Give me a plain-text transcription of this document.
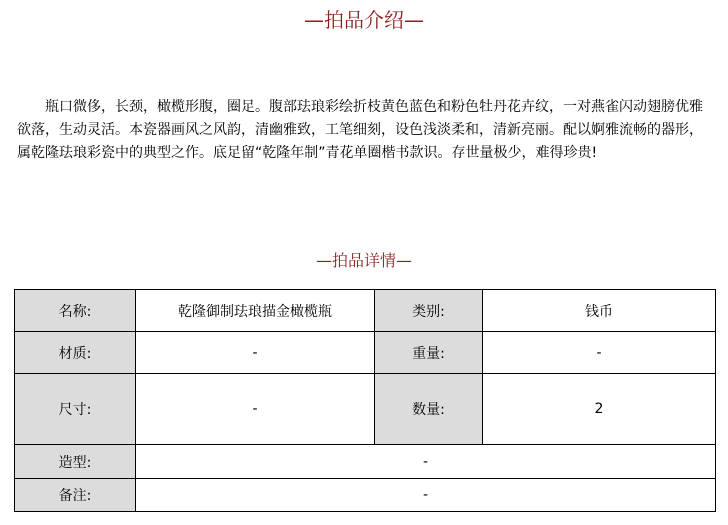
—拍品介绍—

瓶口微侈，长颈，橄榄形腹，圈足。腹部珐琅彩绘折枝黄色蓝色和粉色牡丹花卉纹，一对燕雀闪动翅膀优雅欲落，生动灵活。本瓷器画风之风韵，清幽雅致，工笔细刻，设色浅淡柔和，清新亮丽。配以婀雅流畅的器形，属乾隆珐琅彩瓷中的典型之作。底足留“乾隆年制”青花单圈楷书款识。存世量极少，难得珍贵!

—拍品详情—
名称:	乾隆御制珐琅描金橄榄瓶	类别:	钱币
材质:	-	重量:	-
尺寸:	-	数量:	2
造型:	-		
备注:	-		
